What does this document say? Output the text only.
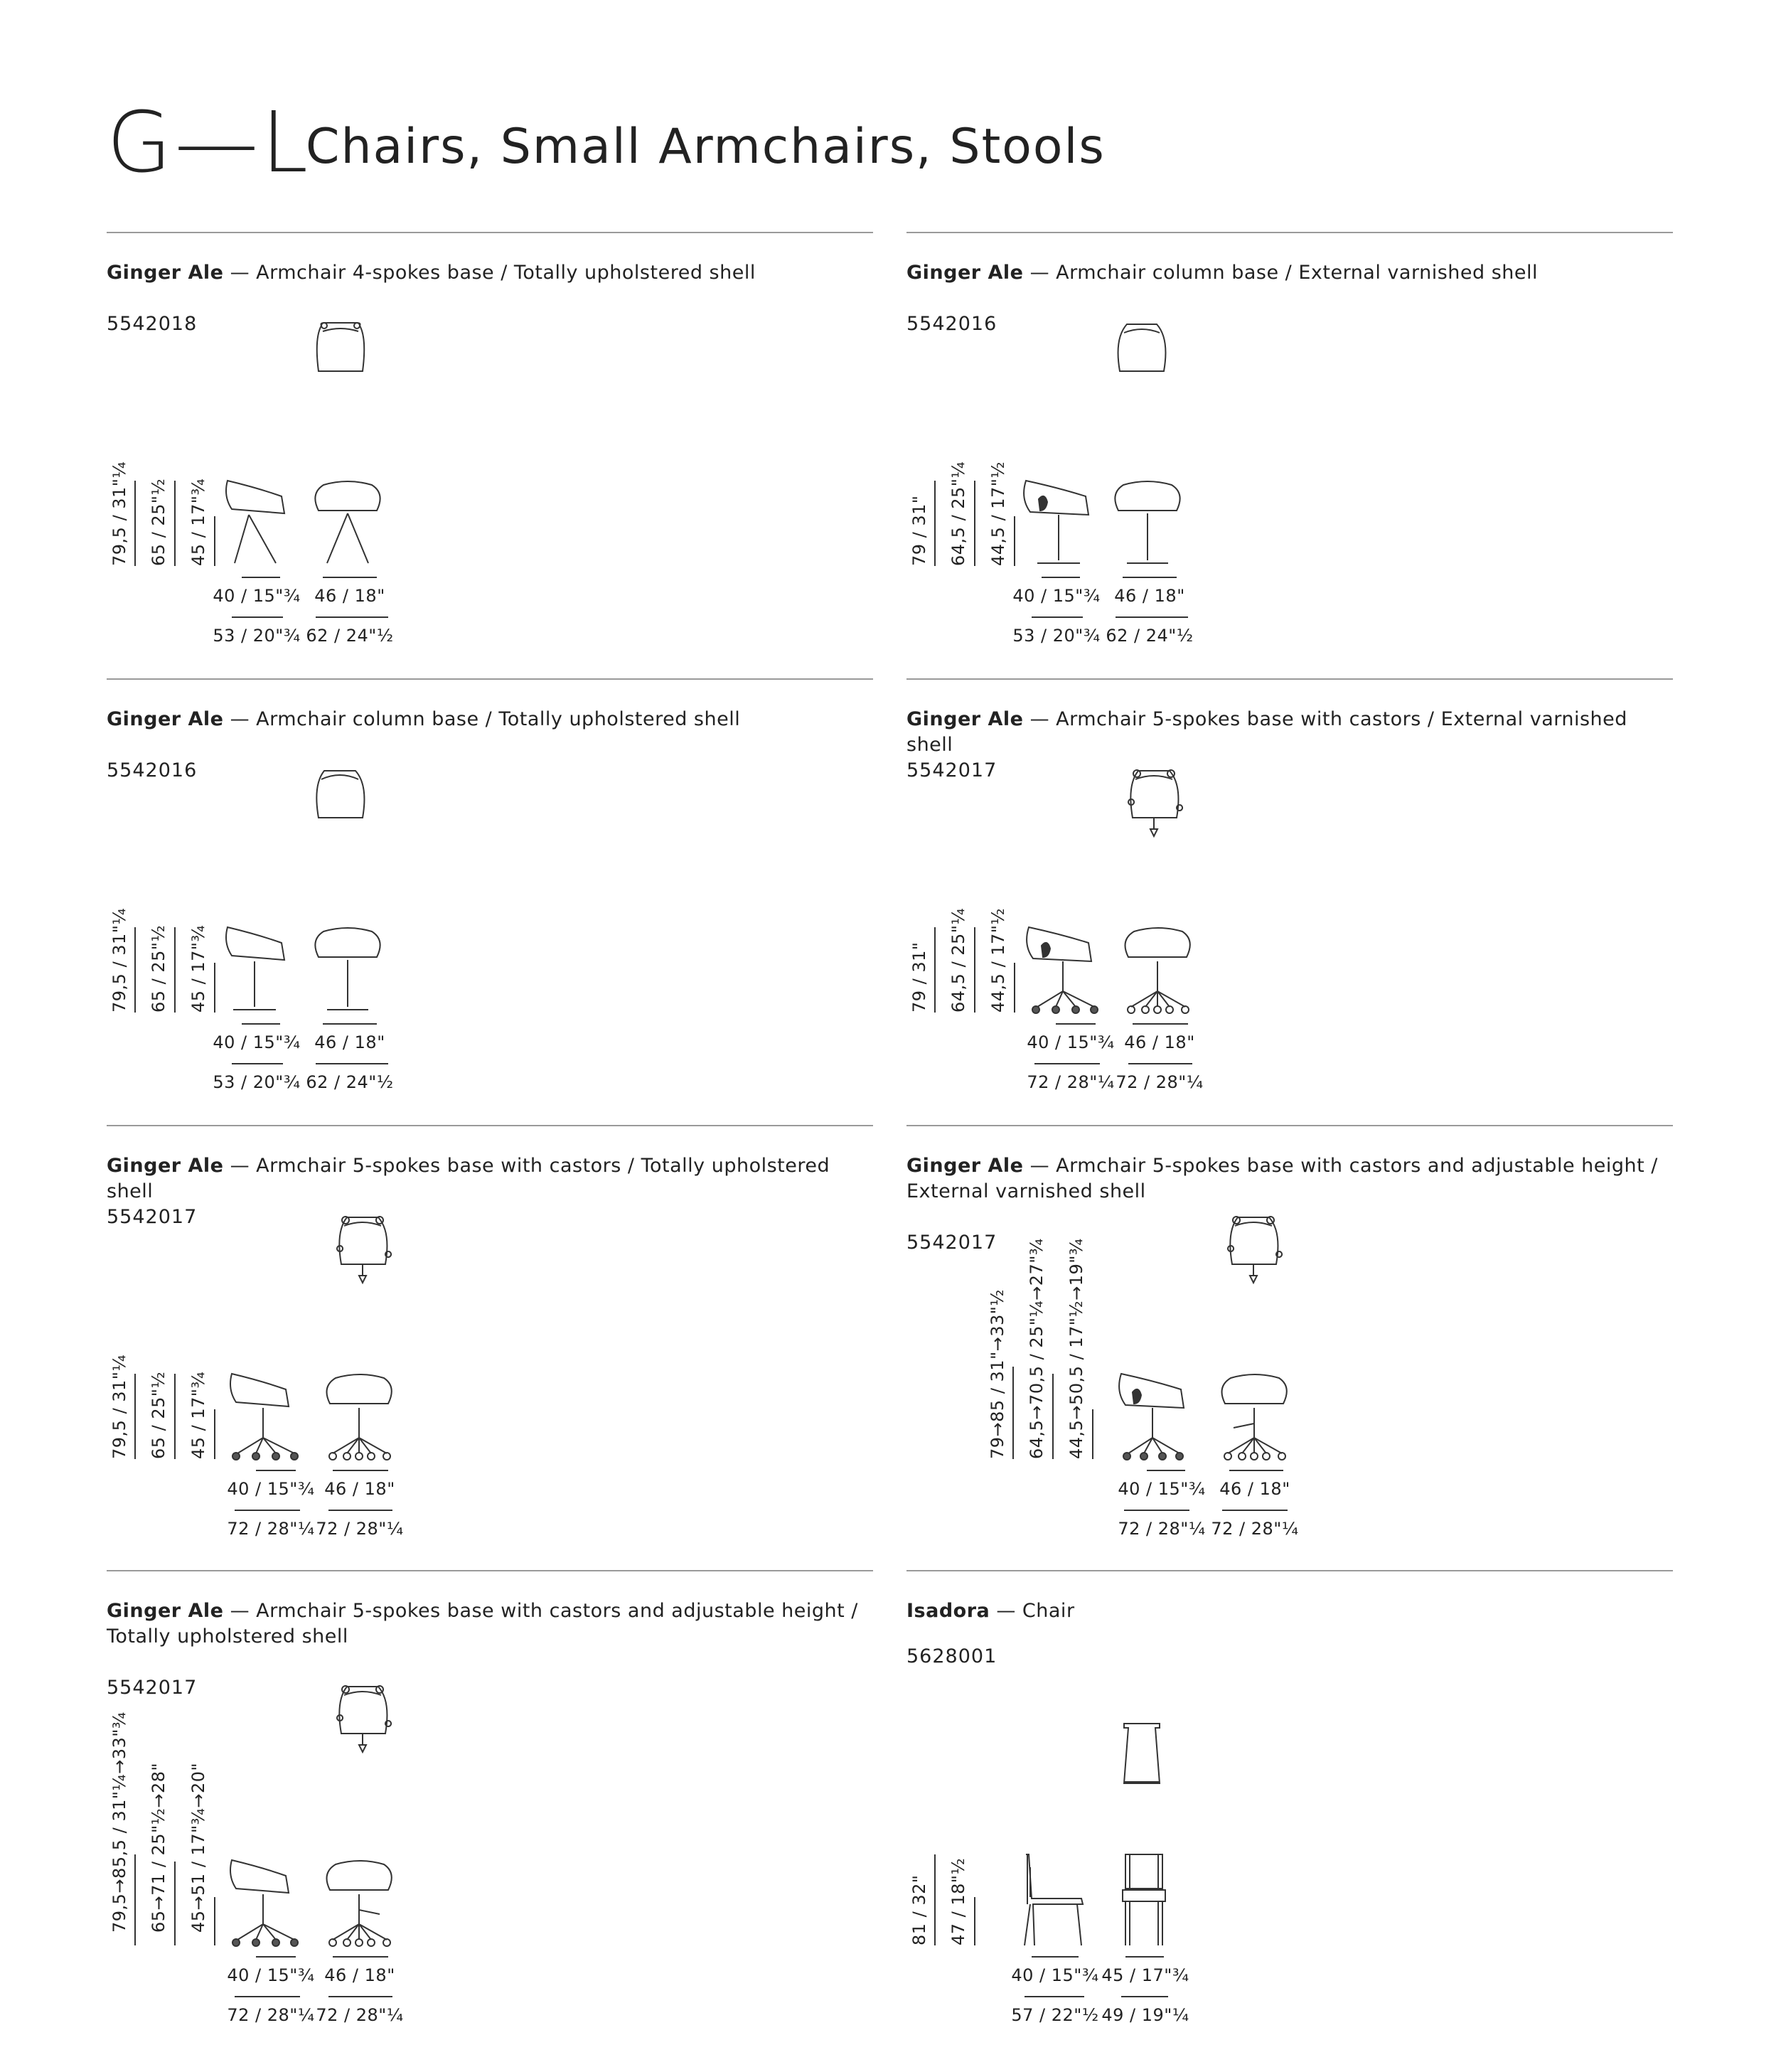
G—L
Chairs, Small Armchairs, Stools
Ginger Ale — Armchair 4-spokes base / Totally upholstered shell
5542018
79,5 / 31"¼ 65 / 25"½ 45 / 17"¾
40 / 15"¾ 46 / 18"
53 / 20"¾ 62 / 24"½
Ginger Ale — Armchair column base / External varnished shell
5542016
79 / 31" 64,5 / 25"¼ 44,5 / 17"½
40 / 15"¾ 46 / 18"
53 / 20"¾ 62 / 24"½
Ginger Ale — Armchair column base / Totally upholstered shell
5542016
79,5 / 31"¼ 65 / 25"½ 45 / 17"¾
40 / 15"¾ 46 / 18"
53 / 20"¾ 62 / 24"½
Ginger Ale — Armchair 5-spokes base with castors / External varnished shell
5542017
79 / 31" 64,5 / 25"¼ 44,5 / 17"½
40 / 15"¾ 46 / 18"
72 / 28"¼ 72 / 28"¼
Ginger Ale — Armchair 5-spokes base with castors / Totally upholstered shell
5542017
79,5 / 31"¼ 65 / 25"½ 45 / 17"¾
40 / 15"¾ 46 / 18"
72 / 28"¼ 72 / 28"¼
Ginger Ale — Armchair 5-spokes base with castors and adjustable height / External varnished shell
5542017
79→85 / 31"→33"½ 64,5→70,5 / 25"¼→27"¾ 44,5→50,5 / 17"½→19"¾
40 / 15"¾ 46 / 18"
72 / 28"¼ 72 / 28"¼
Ginger Ale — Armchair 5-spokes base with castors and adjustable height / Totally upholstered shell
5542017
79,5→85,5 / 31"¼→33"¾ 65→71 / 25"½→28" 45→51 / 17"¾→20"
40 / 15"¾ 46 / 18"
72 / 28"¼ 72 / 28"¼
Isadora — Chair
5628001
81 / 32" 47 / 18"½
40 / 15"¾ 45 / 17"¾
57 / 22"½ 49 / 19"¼
